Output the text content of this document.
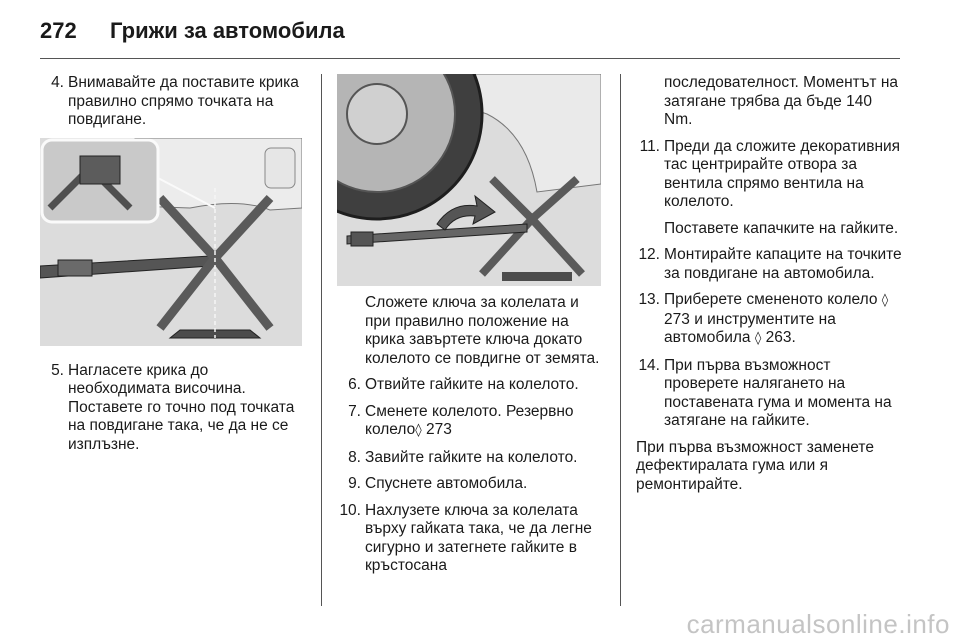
272 Грижи за автомобила
4. Внимавайте да поставите крика правилно спрямо точката на повдигане.
5. Нагласете крика до необходимата височина. Поставете го точно под точката на повдигане така, че да не се изплъзне.
Сложете ключа за колелата и при правилно положение на крика завъртете ключа докато колелото се повдигне от земята.
6. Отвийте гайките на колелото.
7. Сменете колелото. Резервно колело◊ 273
8. Завийте гайките на колелото.
9. Спуснете автомобила.
10. Нахлузете ключа за колелата върху гайката така, че да легне сигурно и затегнете гайките в кръстосана
последователност. Моментът на затягане трябва да бъде 140 Nm.
11. Преди да сложите декоративния тас центрирайте отвора за вентила спрямо вентила на колелото.
Поставете капачките на гайките.
12. Монтирайте капаците на точките за повдигане на автомобила.
13. Приберете смененото колело ◊ 273 и инструментите на автомобила ◊ 263.
14. При първа възможност проверете налягането на поставената гума и момента на затягане на гайките.
При първа възможност заменете дефектиралата гума или я ремонтирайте.
carmanualsonline.info
